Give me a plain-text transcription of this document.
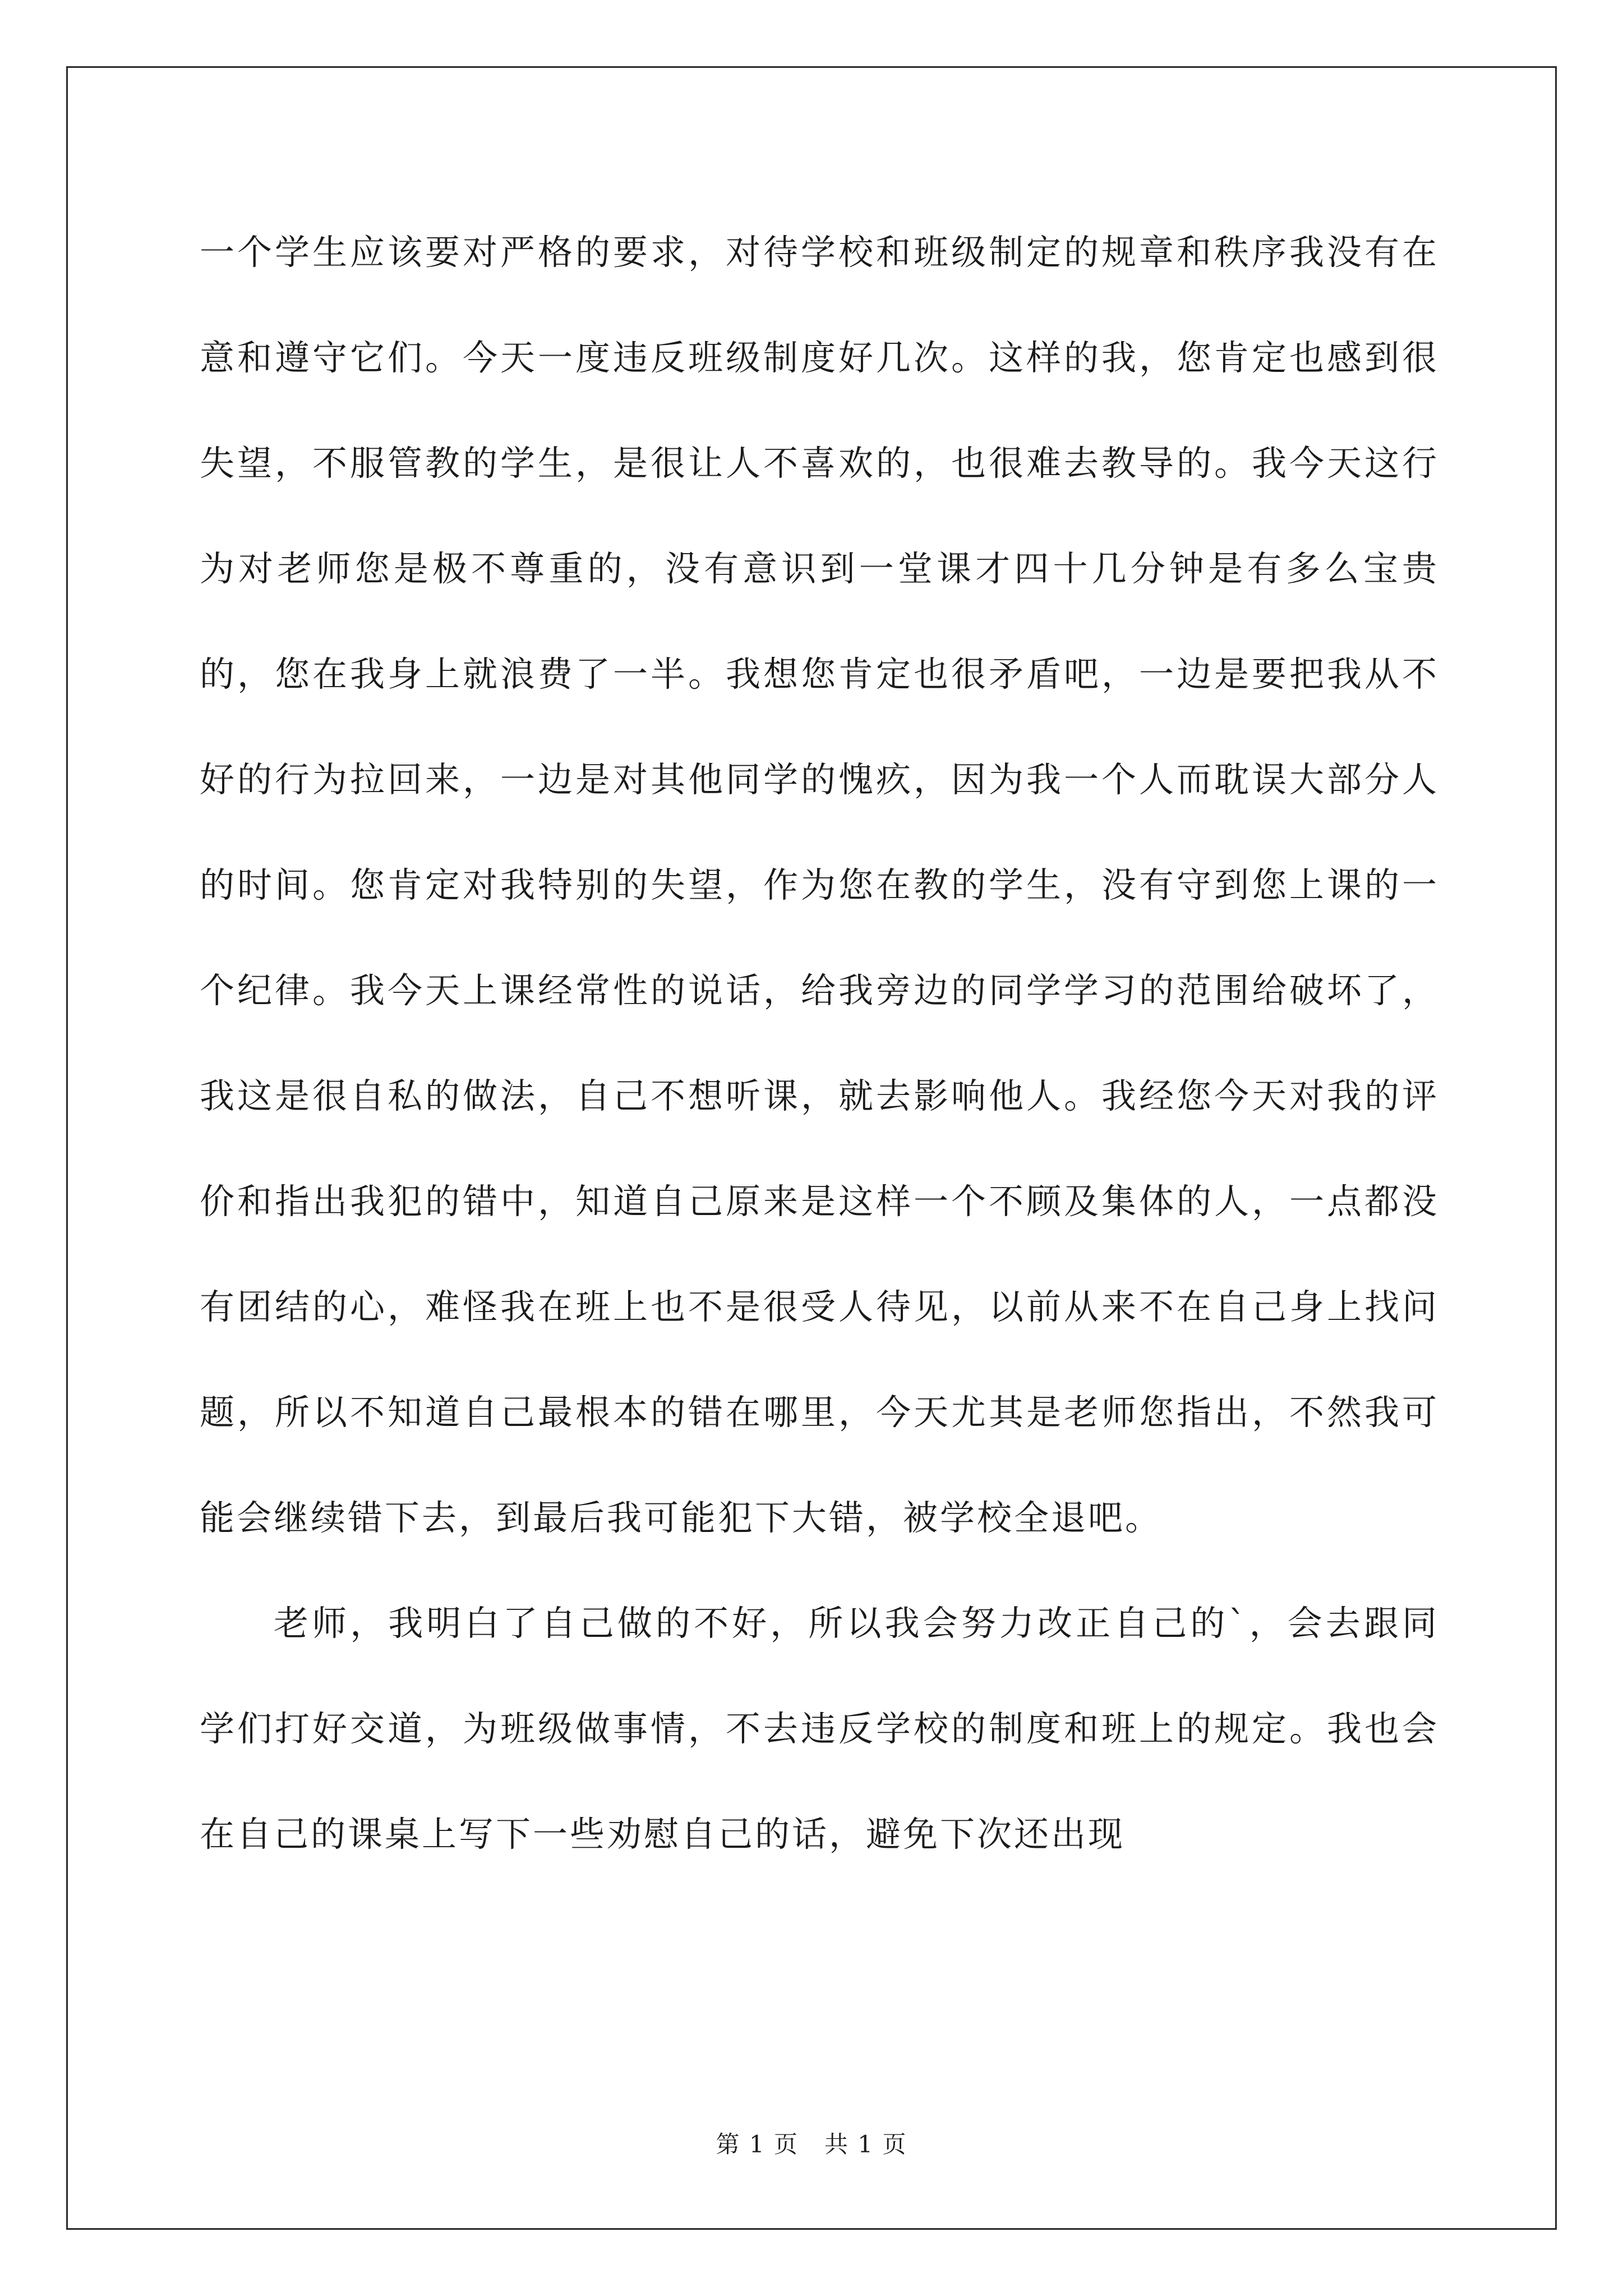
一个学生应该要对严格的要求，对待学校和班级制定的规章和秩序我没有在意和遵守它们。今天一度违反班级制度好几次。这样的我，您肯定也感到很失望，不服管教的学生，是很让人不喜欢的，也很难去教导的。我今天这行为对老师您是极不尊重的，没有意识到一堂课才四十几分钟是有多么宝贵的，您在我身上就浪费了一半。我想您肯定也很矛盾吧，一边是要把我从不好的行为拉回来，一边是对其他同学的愧疚，因为我一个人而耽误大部分人的时间。您肯定对我特别的失望，作为您在教的学生，没有守到您上课的一个纪律。我今天上课经常性的说话，给我旁边的同学学习的范围给破坏了，我这是很自私的做法，自己不想听课，就去影响他人。我经您今天对我的评价和指出我犯的错中，知道自己原来是这样一个不顾及集体的人，一点都没有团结的心，难怪我在班上也不是很受人待见，以前从来不在自己身上找问题，所以不知道自己最根本的错在哪里，今天尤其是老师您指出，不然我可能会继续错下去，到最后我可能犯下大错，被学校全退吧。

老师，我明白了自己做的不好，所以我会努力改正自己的`，会去跟同学们打好交道，为班级做事情，不去违反学校的制度和班上的规定。我也会在自己的课桌上写下一些劝慰自己的话，避免下次还出现

第 1 页   共 1 页
